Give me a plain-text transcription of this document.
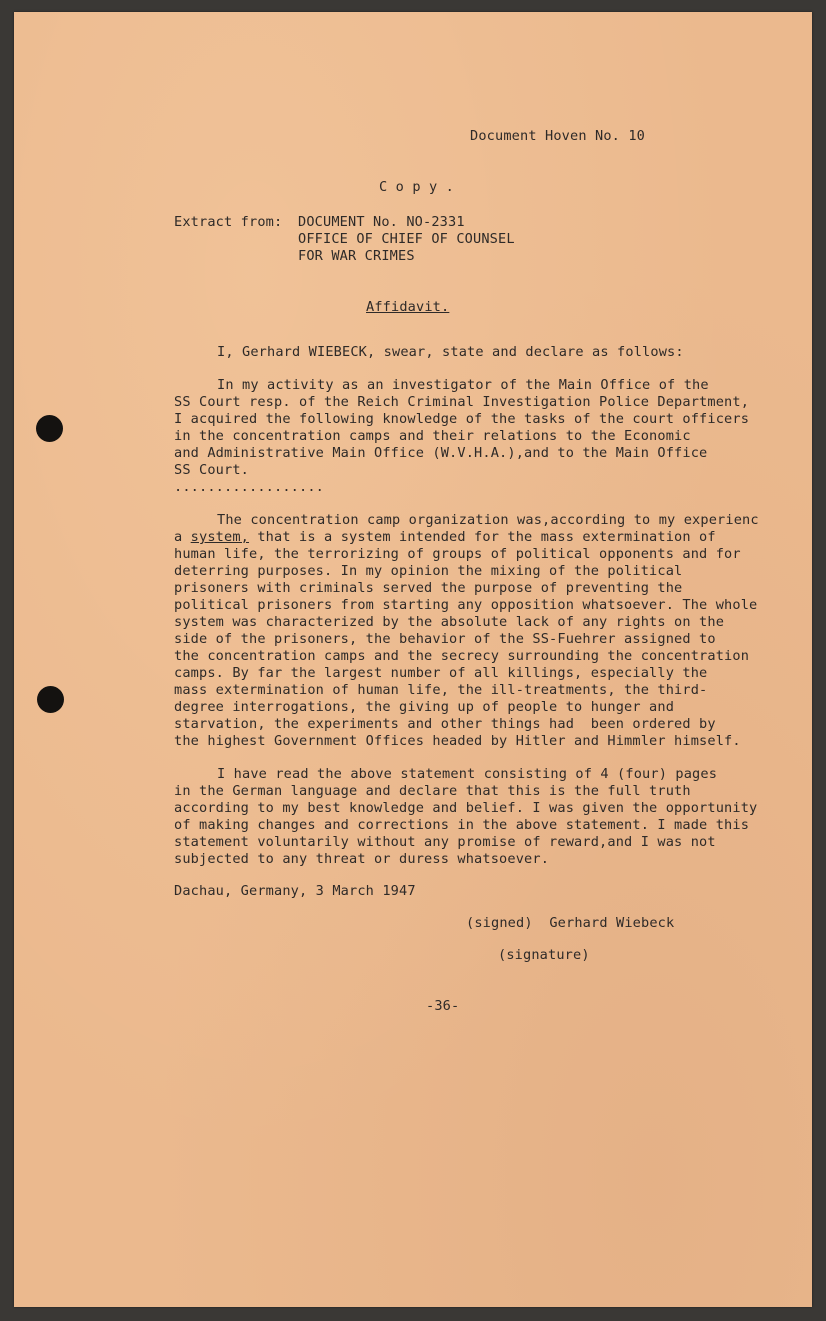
Document Hoven No. 10
C o p y .
Extract from: DOCUMENT No. NO-2331
OFFICE OF CHIEF OF COUNSEL
FOR WAR CRIMES
Affidavit.
I, Gerhard WIEBECK, swear, state and declare as follows:
In my activity as an investigator of the Main Office of the
SS Court resp. of the Reich Criminal Investigation Police Department,
I acquired the following knowledge of the tasks of the court officers
in the concentration camps and their relations to the Economic
and Administrative Main Office (W.V.H.A.),and to the Main Office
SS Court.
..................
The concentration camp organization was,according to my experienc
a system, that is a system intended for the mass extermination of
human life, the terrorizing of groups of political opponents and for
deterring purposes. In my opinion the mixing of the political
prisoners with criminals served the purpose of preventing the
political prisoners from starting any opposition whatsoever. The whole
system was characterized by the absolute lack of any rights on the
side of the prisoners, the behavior of the SS-Fuehrer assigned to
the concentration camps and the secrecy surrounding the concentration
camps. By far the largest number of all killings, especially the
mass extermination of human life, the ill-treatments, the third-
degree interrogations, the giving up of people to hunger and
starvation, the experiments and other things had  been ordered by
the highest Government Offices headed by Hitler and Himmler himself.
I have read the above statement consisting of 4 (four) pages
in the German language and declare that this is the full truth
according to my best knowledge and belief. I was given the opportunity
of making changes and corrections in the above statement. I made this
statement voluntarily without any promise of reward,and I was not
subjected to any threat or duress whatsoever.
Dachau, Germany, 3 March 1947
(signed)  Gerhard Wiebeck
(signature)
-36-
